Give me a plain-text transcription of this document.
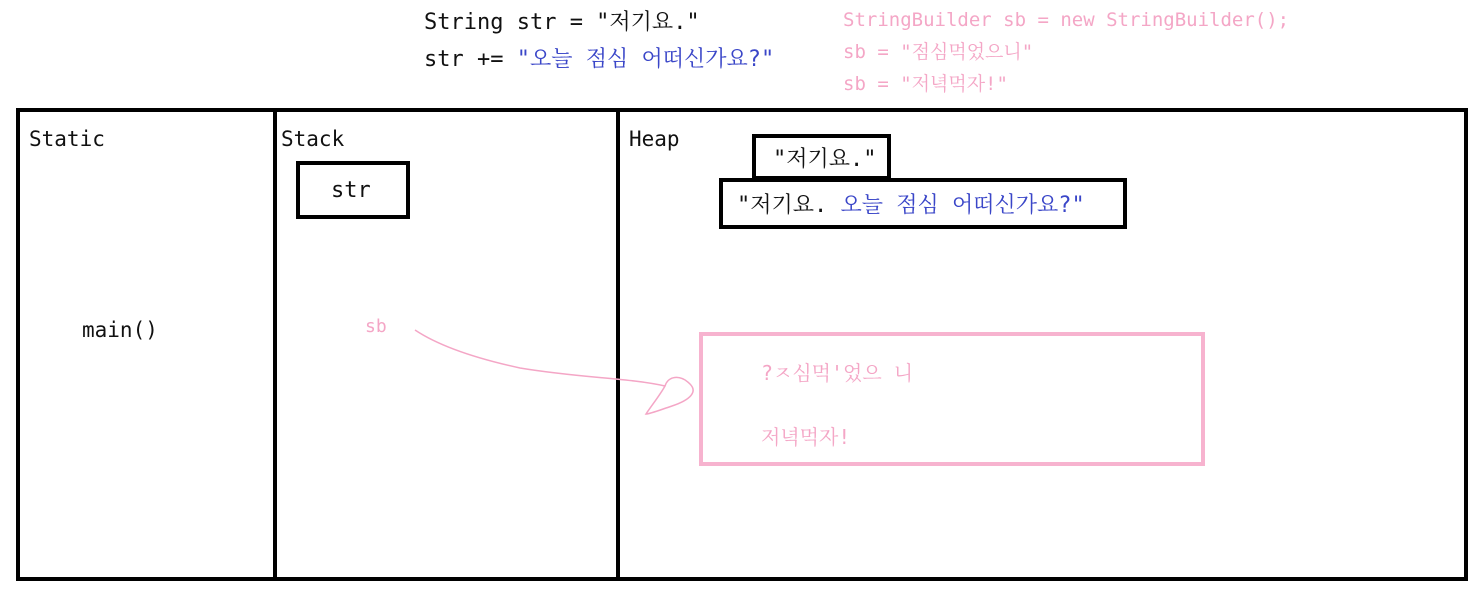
String str = "저기요."
str += "오늘 점심 어떠신가요?"
StringBuilder sb = new StringBuilder();
sb = "점심먹었으니"
sb = "저녁먹자!"
Static
main()
Stack
str
sb
Heap
"저기요."
"저기요. 오늘 점심 어떠신가요?"
?ㅈ심먹'었으 니
저녁먹자!
